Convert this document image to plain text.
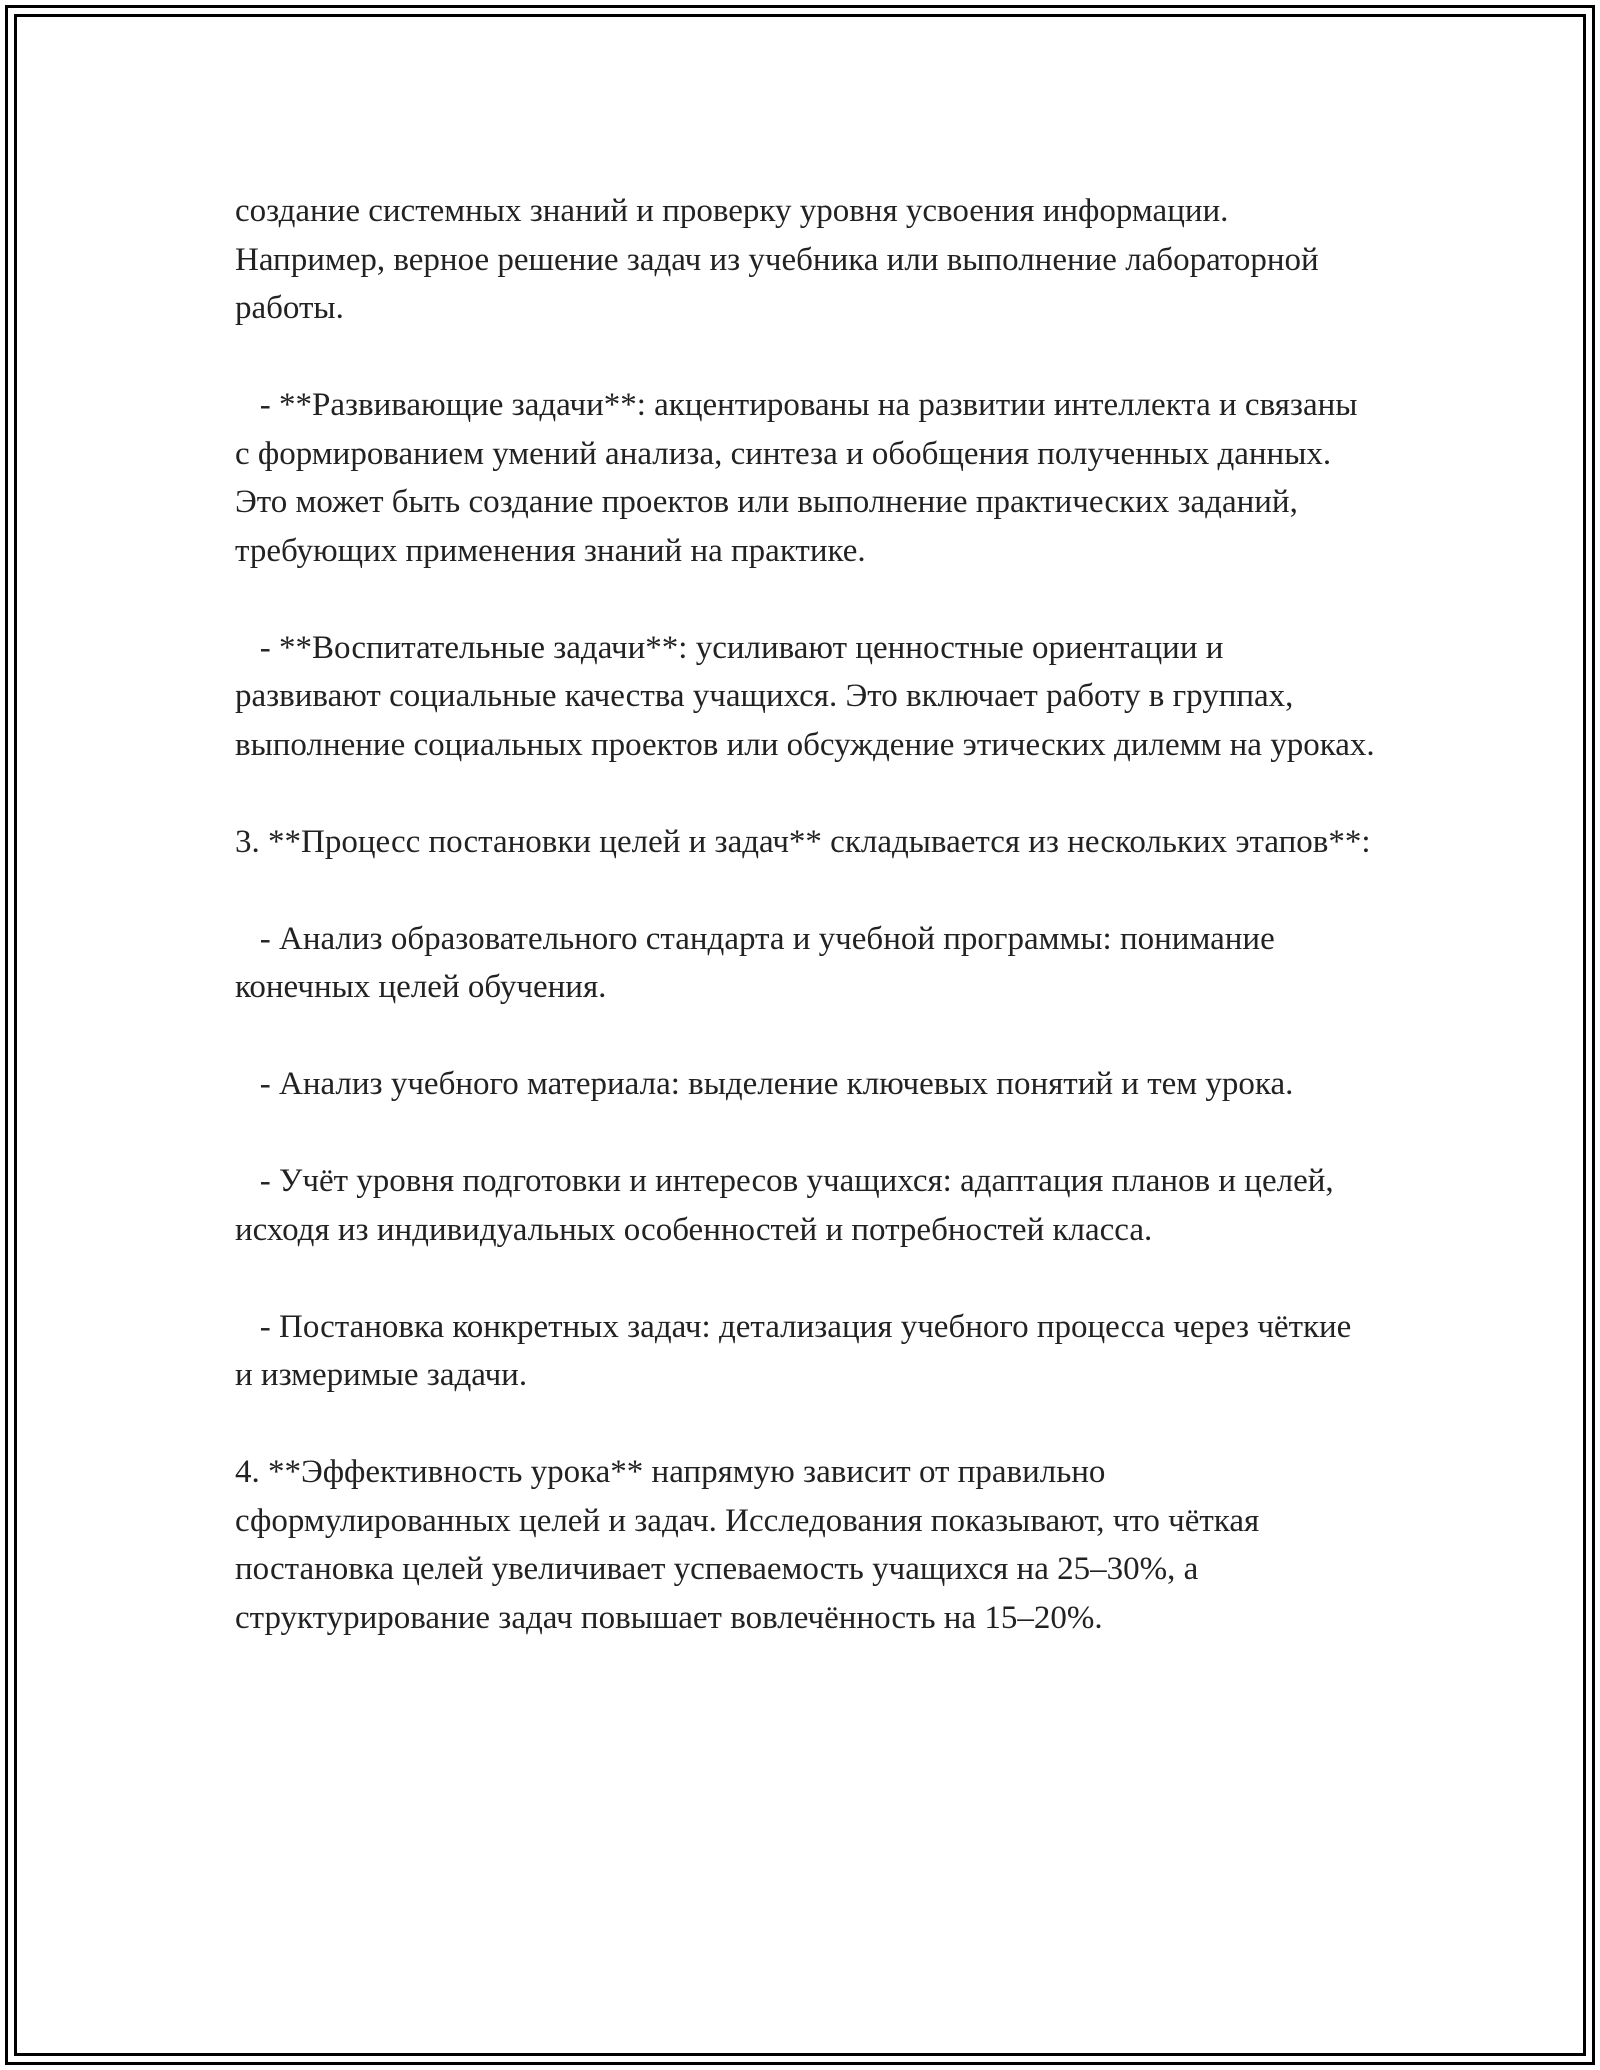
создание системных знаний и проверку уровня усвоения информации. Например, верное решение задач из учебника или выполнение лабораторной работы.

- **Развивающие задачи**: акцентированы на развитии интеллекта и связаны с формированием умений анализа, синтеза и обобщения полученных данных. Это может быть создание проектов или выполнение практических заданий, требующих применения знаний на практике.

- **Воспитательные задачи**: усиливают ценностные ориентации и развивают социальные качества учащихся. Это включает работу в группах, выполнение социальных проектов или обсуждение этических дилемм на уроках.

3. **Процесс постановки целей и задач** складывается из нескольких этапов**:

- Анализ образовательного стандарта и учебной программы: понимание конечных целей обучения.

- Анализ учебного материала: выделение ключевых понятий и тем урока.

- Учёт уровня подготовки и интересов учащихся: адаптация планов и целей, исходя из индивидуальных особенностей и потребностей класса.

- Постановка конкретных задач: детализация учебного процесса через чёткие и измеримые задачи.

4. **Эффективность урока** напрямую зависит от правильно сформулированных целей и задач. Исследования показывают, что чёткая постановка целей увеличивает успеваемость учащихся на 25–30%, а структурирование задач повышает вовлечённость на 15–20%.
